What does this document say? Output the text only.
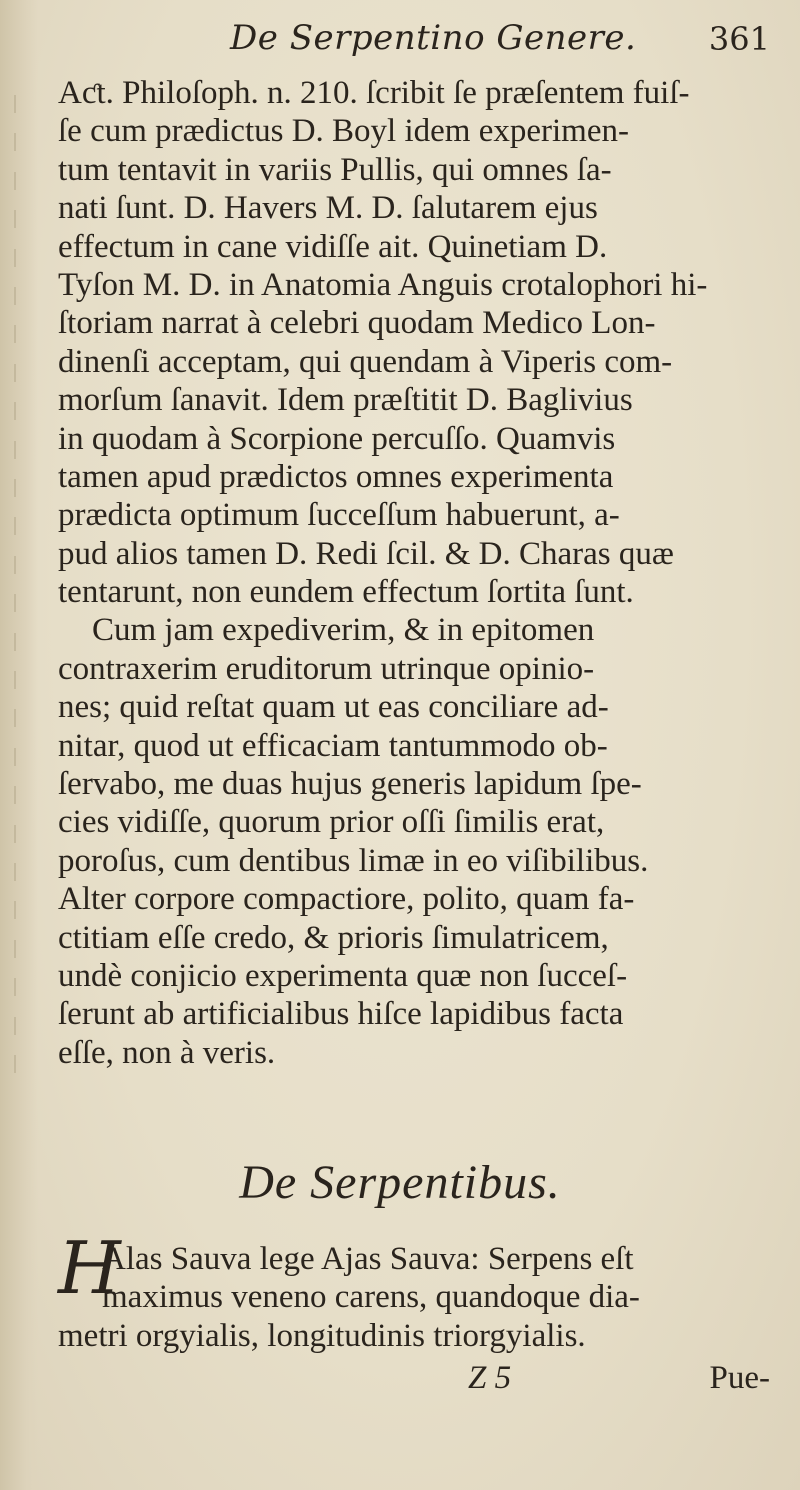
De Serpentino Genere. 361
Aƈt. Philoſoph. n. 210. ſcribit ſe præſentem fuiſ-
ſe cum prædictus D. Boyl idem experimen-
tum tentavit in variis Pullis, qui omnes ſa-
nati ſunt. D. Havers M. D. ſalutarem ejus
effectum in cane vidiſſe ait. Quinetiam D.
Tyſon M. D. in Anatomia Anguis crotalophori hi-
ſtoriam narrat à celebri quodam Medico Lon-
dinenſi acceptam, qui quendam à Viperis com-
morſum ſanavit. Idem præſtitit D. Baglivius
in quodam à Scorpione percuſſo. Quamvis
tamen apud prædictos omnes experimenta
prædicta optimum ſucceſſum habuerunt, a-
pud alios tamen D. Redi ſcil. & D. Charas quæ
tentarunt, non eundem effectum ſortita ſunt.
Cum jam expediverim, & in epitomen
contraxerim eruditorum utrinque opinio-
nes; quid reſtat quam ut eas conciliare ad-
nitar, quod ut efficaciam tantummodo ob-
ſervabo, me duas hujus generis lapidum ſpe-
cies vidiſſe, quorum prior oſſi ſimilis erat,
poroſus, cum dentibus limæ in eo viſibilibus.
Alter corpore compactiore, polito, quam fa-
ctitiam eſſe credo, & prioris ſimulatricem,
undè conjicio experimenta quæ non ſucceſ-
ſerunt ab artificialibus hiſce lapidibus facta
eſſe, non à veris.
De Serpentibus.
H
Alas Sauva lege Ajas Sauva: Serpens eſt
maximus veneno carens, quandoque dia-
metri orgyialis, longitudinis triorgyialis.
Z 5	Pue-
